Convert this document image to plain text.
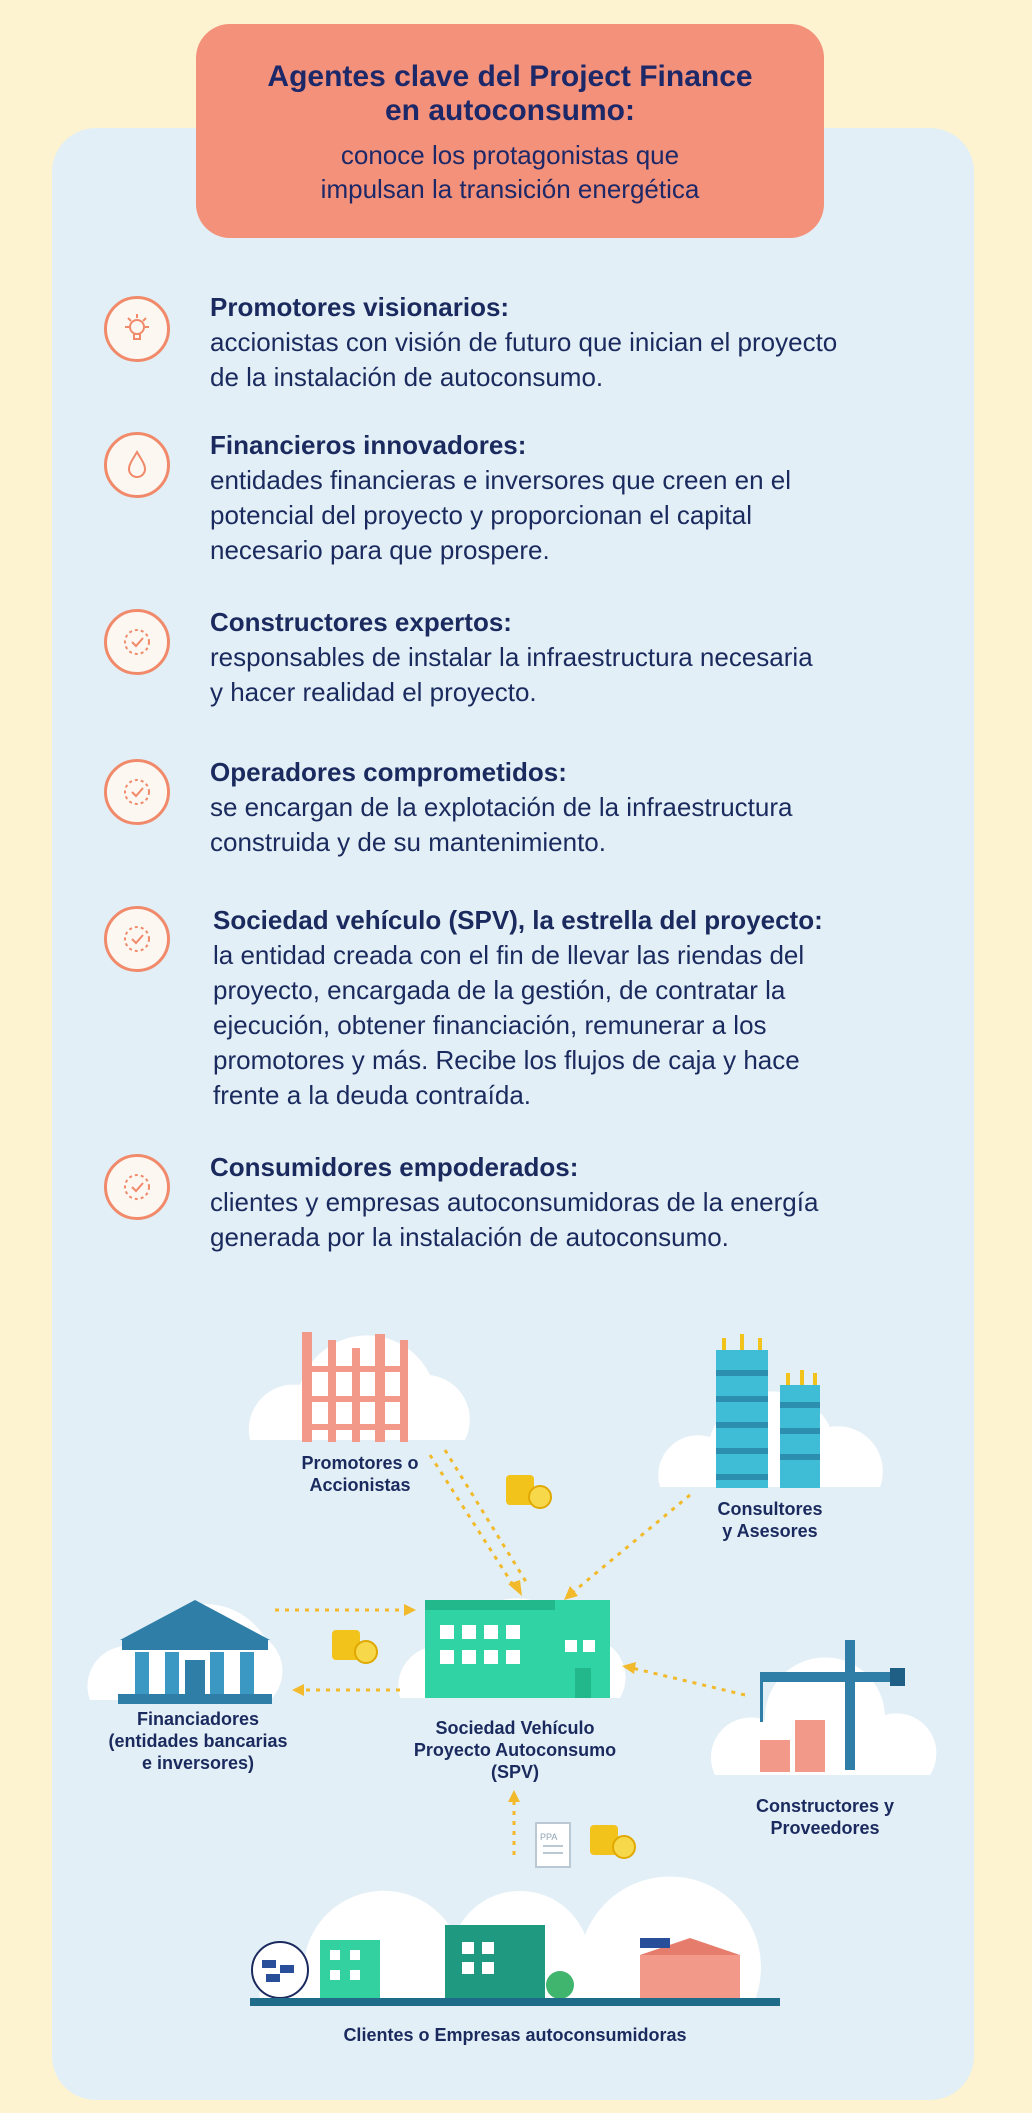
Agentes clave del Project Finance
en autoconsumo:
conoce los protagonistas que
impulsan la transición energética
Promotores visionarios:
accionistas con visión de futuro que inician el proyecto
de la instalación de autoconsumo.
Financieros innovadores:
entidades financieras e inversores que creen en el
potencial del proyecto y proporcionan el capital
necesario para que prospere.
Constructores expertos:
responsables de instalar la infraestructura necesaria
y hacer realidad el proyecto.
Operadores comprometidos:
se encargan de la explotación de la infraestructura
construida y de su mantenimiento.
Sociedad vehículo (SPV), la estrella del proyecto:
la entidad creada con el fin de llevar las riendas del
proyecto, encargada de la gestión, de contratar la
ejecución, obtener financiación, remunerar a los
promotores y más. Recibe los flujos de caja y hace
frente a la deuda contraída.
Consumidores empoderados:
clientes y empresas autoconsumidoras de la energía
generada por la instalación de autoconsumo.
PPA
Promotores o
Accionistas
Consultores
y Asesores
Financiadores
(entidades bancarias
e inversores)
Sociedad Vehículo
Proyecto Autoconsumo
(SPV)
Constructores y
Proveedores
Clientes o Empresas autoconsumidoras
